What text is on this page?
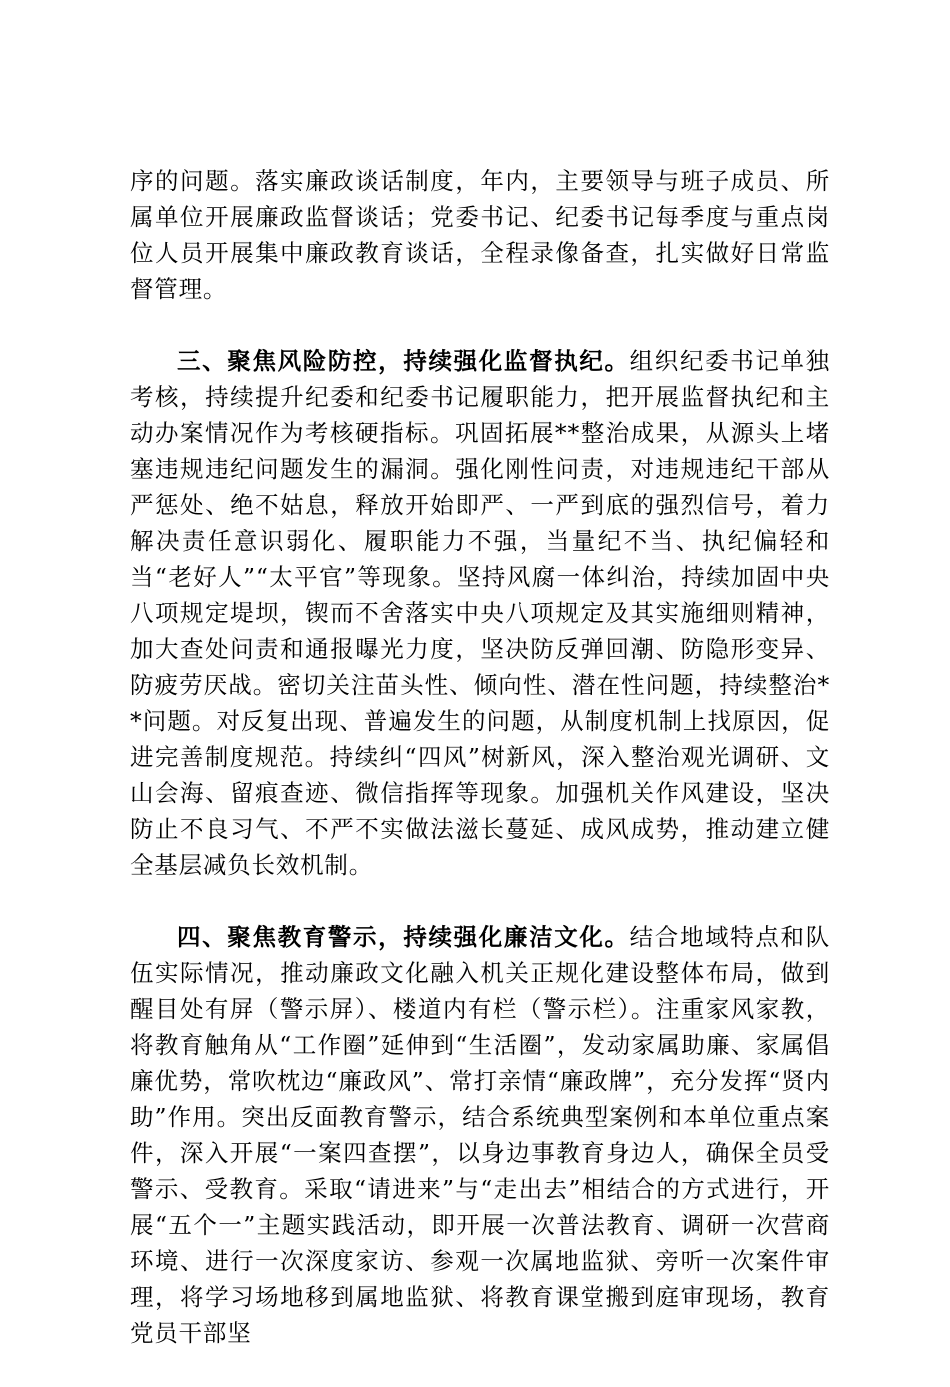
序的问题。落实廉政谈话制度，年内，主要领导与班子成员、所属单位开展廉政监督谈话；党委书记、纪委书记每季度与重点岗位人员开展集中廉政教育谈话，全程录像备查，扎实做好日常监督管理。

三、聚焦风险防控，持续强化监督执纪。组织纪委书记单独考核，持续提升纪委和纪委书记履职能力，把开展监督执纪和主动办案情况作为考核硬指标。巩固拓展**整治成果，从源头上堵塞违规违纪问题发生的漏洞。强化刚性问责，对违规违纪干部从严惩处、绝不姑息，释放开始即严、一严到底的强烈信号，着力解决责任意识弱化、履职能力不强，当量纪不当、执纪偏轻和当“老好人”“太平官”等现象。坚持风腐一体纠治，持续加固中央八项规定堤坝，锲而不舍落实中央八项规定及其实施细则精神，加大查处问责和通报曝光力度，坚决防反弹回潮、防隐形变异、防疲劳厌战。密切关注苗头性、倾向性、潜在性问题，持续整治**问题。对反复出现、普遍发生的问题，从制度机制上找原因，促进完善制度规范。持续纠“四风”树新风，深入整治观光调研、文山会海、留痕查迹、微信指挥等现象。加强机关作风建设，坚决防止不良习气、不严不实做法滋长蔓延、成风成势，推动建立健全基层减负长效机制。

四、聚焦教育警示，持续强化廉洁文化。结合地域特点和队伍实际情况，推动廉政文化融入机关正规化建设整体布局，做到醒目处有屏（警示屏）、楼道内有栏（警示栏）。注重家风家教，将教育触角从“工作圈”延伸到“生活圈”，发动家属助廉、家属倡廉优势，常吹枕边“廉政风”、常打亲情“廉政牌”，充分发挥“贤内助”作用。突出反面教育警示，结合系统典型案例和本单位重点案件，深入开展“一案四查摆”，以身边事教育身边人，确保全员受警示、受教育。采取“请进来”与“走出去”相结合的方式进行，开展“五个一”主题实践活动，即开展一次普法教育、调研一次营商环境、进行一次深度家访、参观一次属地监狱、旁听一次案件审理，将学习场地移到属地监狱、将教育课堂搬到庭审现场，教育党员干部坚
